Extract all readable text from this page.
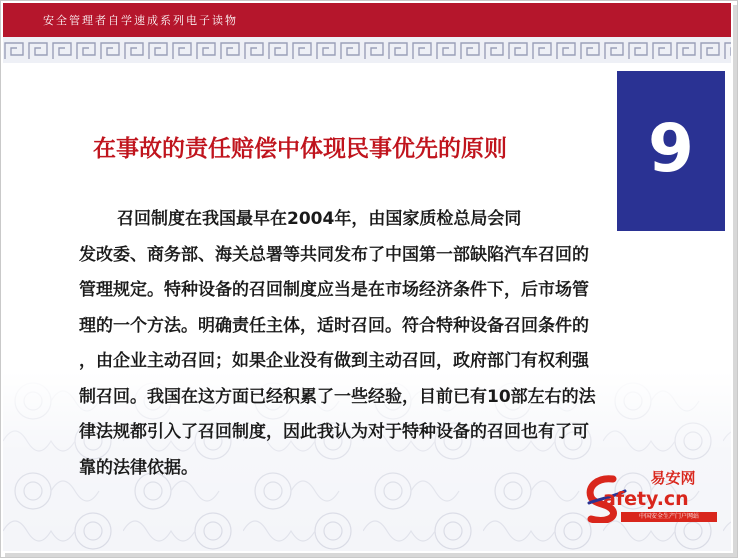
安全管理者自学速成系列电子读物
9
在事故的责任赔偿中体现民事优先的原则
召回制度在我国最早在2004年，由国家质检总局会同
发改委、商务部、海关总署等共同发布了中国第一部缺陷汽车召回的
管理规定。特种设备的召回制度应当是在市场经济条件下，后市场管
理的一个方法。明确责任主体，适时召回。符合特种设备召回条件的
，由企业主动召回；如果企业没有做到主动召回，政府部门有权利强
制召回。我国在这方面已经积累了一些经验，目前已有10部左右的法
律法规都引入了召回制度，因此我认为对于特种设备的召回也有了可
靠的法律依据。
易安网
afety.cn
中国安全生产门户网站
